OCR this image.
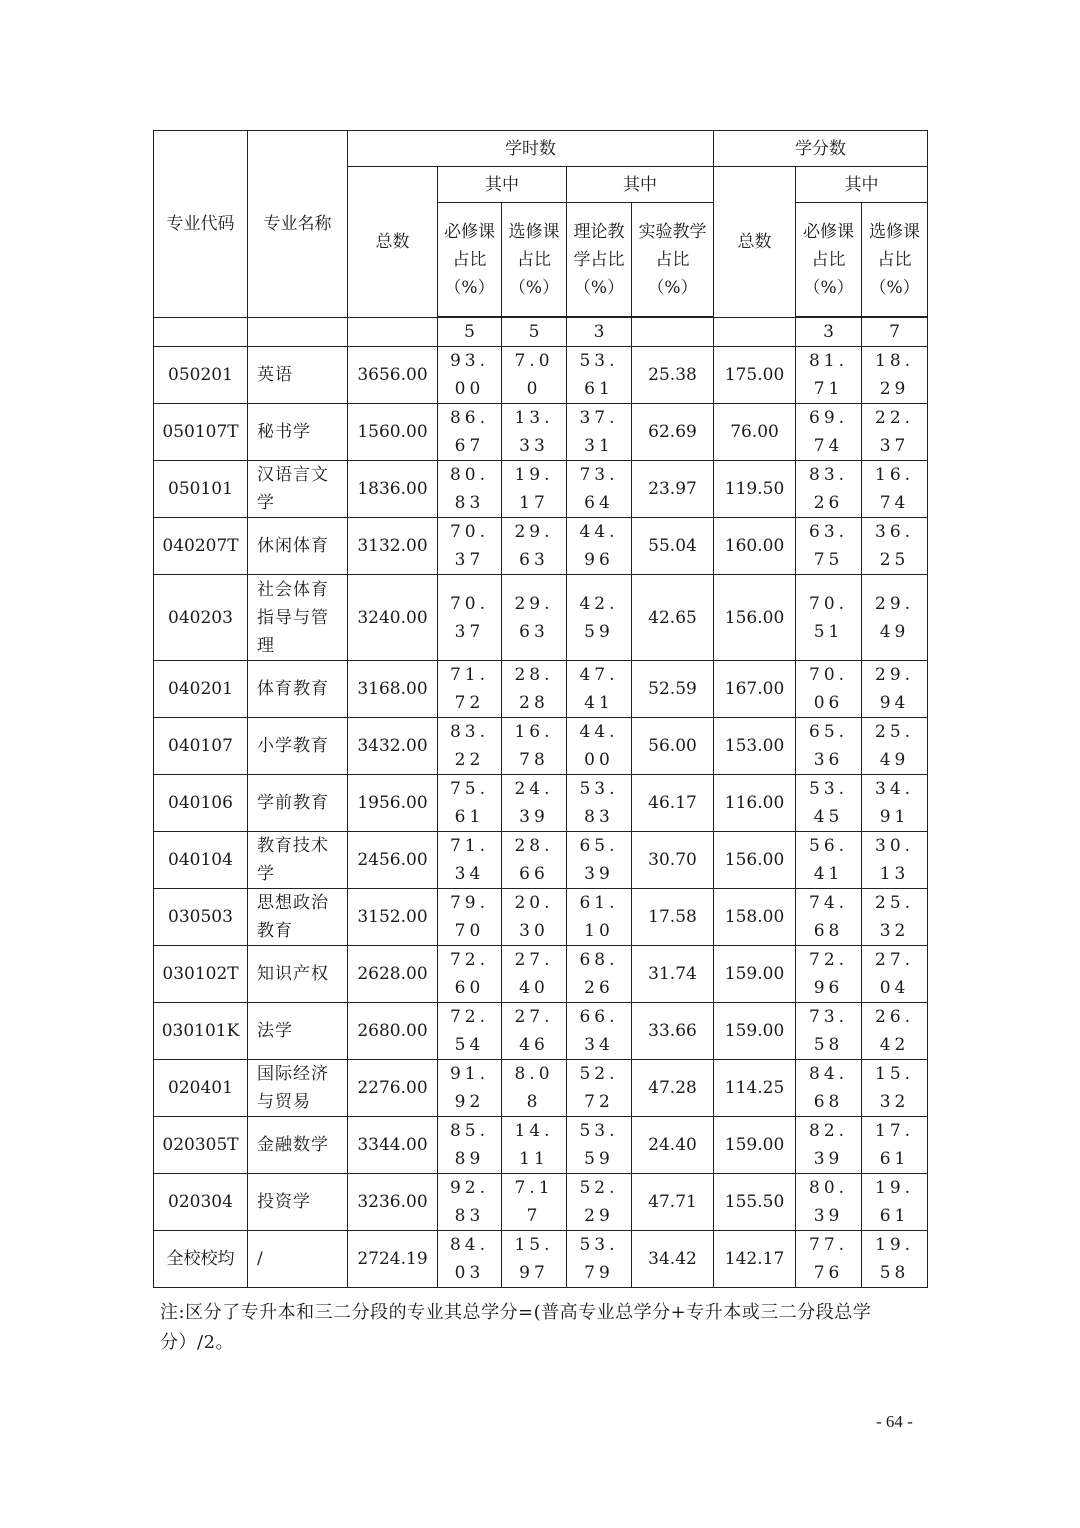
专业代码	专业名称	学时数					学分数		
		总数	其中		其中		总数	其中	
			必修课占比（%）	选修课占比（%）	理论教学占比（%）	实验教学占比（%）		必修课占比（%）	选修课占比（%）

			5	5	3			3	7
050201	英语	3656.00	93.00	7.00	53.61	25.38	175.00	81.71	18.29
050107T	秘书学	1560.00	86.67	13.33	37.31	62.69	76.00	69.74	22.37
050101	汉语言文学	1836.00	80.83	19.17	73.64	23.97	119.50	83.26	16.74
040207T	休闲体育	3132.00	70.37	29.63	44.96	55.04	160.00	63.75	36.25
040203	社会体育指导与管理	3240.00	70.37	29.63	42.59	42.65	156.00	70.51	29.49
040201	体育教育	3168.00	71.72	28.28	47.41	52.59	167.00	70.06	29.94
040107	小学教育	3432.00	83.22	16.78	44.00	56.00	153.00	65.36	25.49
040106	学前教育	1956.00	75.61	24.39	53.83	46.17	116.00	53.45	34.91
040104	教育技术学	2456.00	71.34	28.66	65.39	30.70	156.00	56.41	30.13
030503	思想政治教育	3152.00	79.70	20.30	61.10	17.58	158.00	74.68	25.32
030102T	知识产权	2628.00	72.60	27.40	68.26	31.74	159.00	72.96	27.04
030101K	法学	2680.00	72.54	27.46	66.34	33.66	159.00	73.58	26.42
020401	国际经济与贸易	2276.00	91.92	8.08	52.72	47.28	114.25	84.68	15.32
020305T	金融数学	3344.00	85.89	14.11	53.59	24.40	159.00	82.39	17.61
020304	投资学	3236.00	92.83	7.17	52.29	47.71	155.50	80.39	19.61
全校校均	/	2724.19	84.03	15.97	53.79	34.42	142.17	77.76	19.58
注:区分了专升本和三二分段的专业其总学分=(普高专业总学分+专升本或三二分段总学分）/2。
- 64 -
